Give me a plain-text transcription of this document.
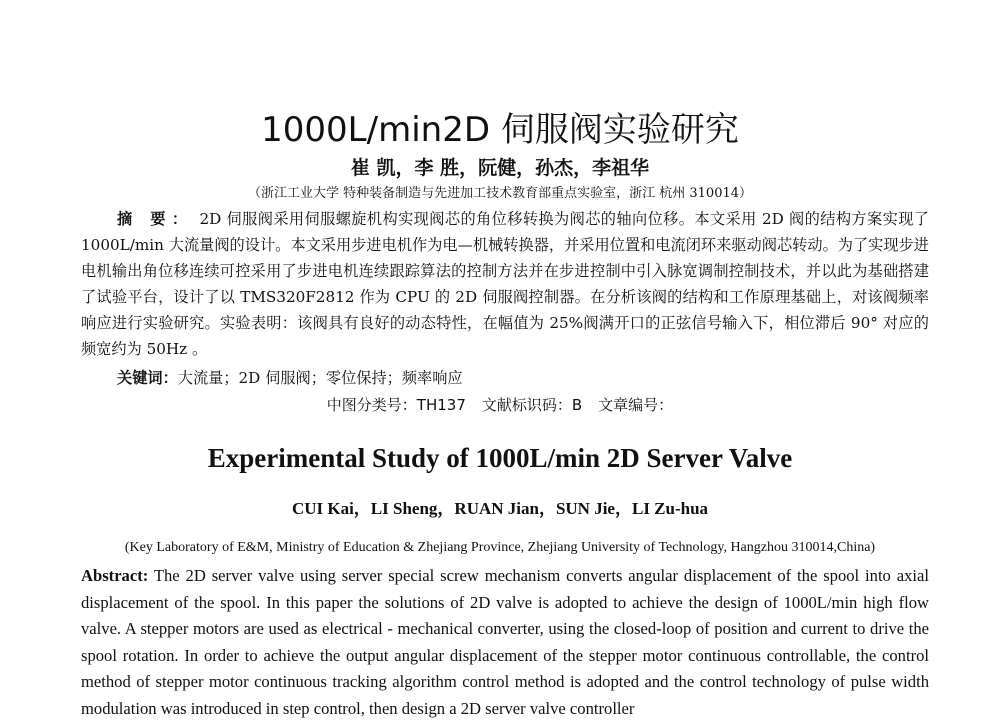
1000L/min2D 伺服阀实验研究
崔 凯，李 胜，阮健，孙杰，李祖华
（浙江工业大学 特种装备制造与先进加工技术教育部重点实验室，浙江 杭州 310014）
摘 要： 2D 伺服阀采用伺服螺旋机构实现阀芯的角位移转换为阀芯的轴向位移。本文采用 2D 阀的结构方案实现了 1000L/min 大流量阀的设计。本文采用步进电机作为电—机械转换器，并采用位置和电流闭环来驱动阀芯转动。为了实现步进电机输出角位移连续可控采用了步进电机连续跟踪算法的控制方法并在步进控制中引入脉宽调制控制技术，并以此为基础搭建了试验平台，设计了以 TMS320F2812 作为 CPU 的 2D 伺服阀控制器。在分析该阀的结构和工作原理基础上，对该阀频率响应进行实验研究。实验表明：该阀具有良好的动态特性，在幅值为 25%阀满开口的正弦信号输入下，相位滞后 90° 对应的频宽约为 50Hz 。
关键词：大流量；2D 伺服阀；零位保持；频率响应
中图分类号：TH137 文献标识码：B 文章编号：
Experimental Study of 1000L/min 2D Server Valve
CUI Kai，LI Sheng，RUAN Jian，SUN Jie，LI Zu-hua
(Key Laboratory of E&M, Ministry of Education & Zhejiang Province, Zhejiang University of Technology, Hangzhou 310014,China)
Abstract: The 2D server valve using server special screw mechanism converts angular displacement of the spool into axial displacement of the spool. In this paper the solutions of 2D valve is adopted to achieve the design of 1000L/min high flow valve. A stepper motors are used as electrical - mechanical converter, using the closed-loop of position and current to drive the spool rotation. In order to achieve the output angular displacement of the stepper motor continuous controllable, the control method of stepper motor continuous tracking algorithm control method is adopted and the control technology of pulse width modulation was introduced in step control, then design a 2D server valve controller
